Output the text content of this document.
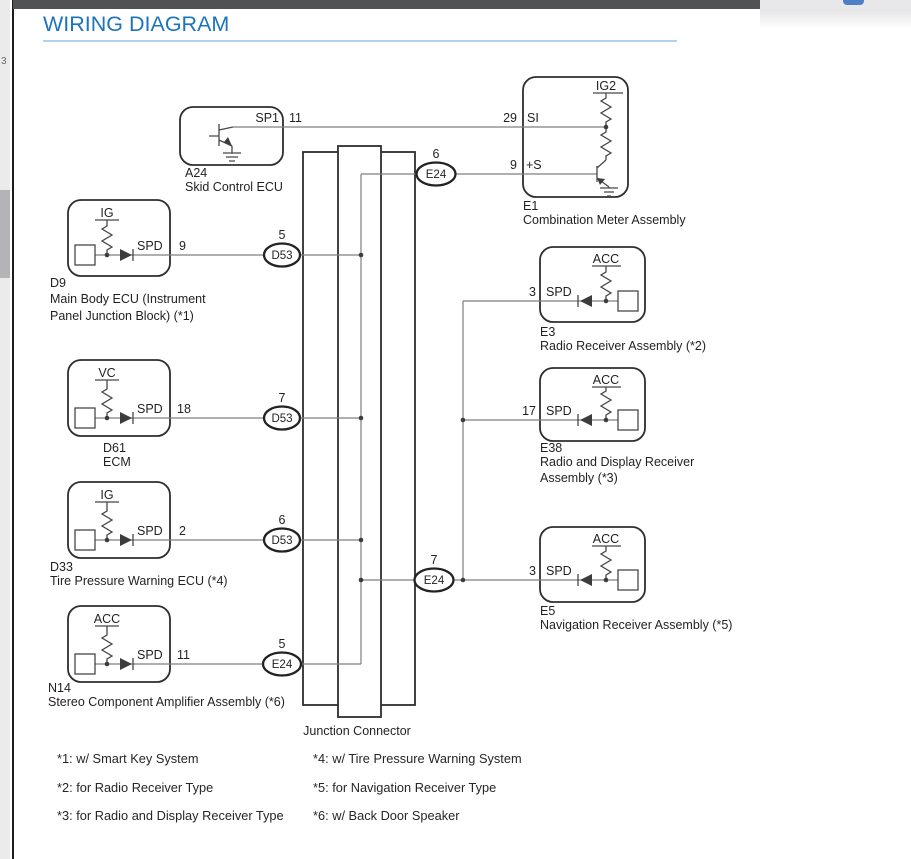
SP1 11
A24
Skid Control ECU
IG2
29 SI
9 +S
E1
Combination Meter Assembly
IG
SPD 9
D9
Main Body ECU (Instrument
Panel Junction Block) (*1)
VC
SPD 18
D61
ECM
IG
SPD 2
D33
Tire Pressure Warning ECU (*4)
ACC
SPD 11
N14
Stereo Component Amplifier Assembly (*6)
ACC
3 SPD
E3
Radio Receiver Assembly (*2)
ACC
17 SPD
E38
Radio and Display Receiver
Assembly (*3)
ACC
3 SPD
E5
Navigation Receiver Assembly (*5)
5
D53
7
D53
6
D53
5
E24
6
E24
7
E24
Junction Connector
3
WIRING DIAGRAM
*1: w/ Smart Key System
*2: for Radio Receiver Type
*3: for Radio and Display Receiver Type
*4: w/ Tire Pressure Warning System
*5: for Navigation Receiver Type
*6: w/ Back Door Speaker
